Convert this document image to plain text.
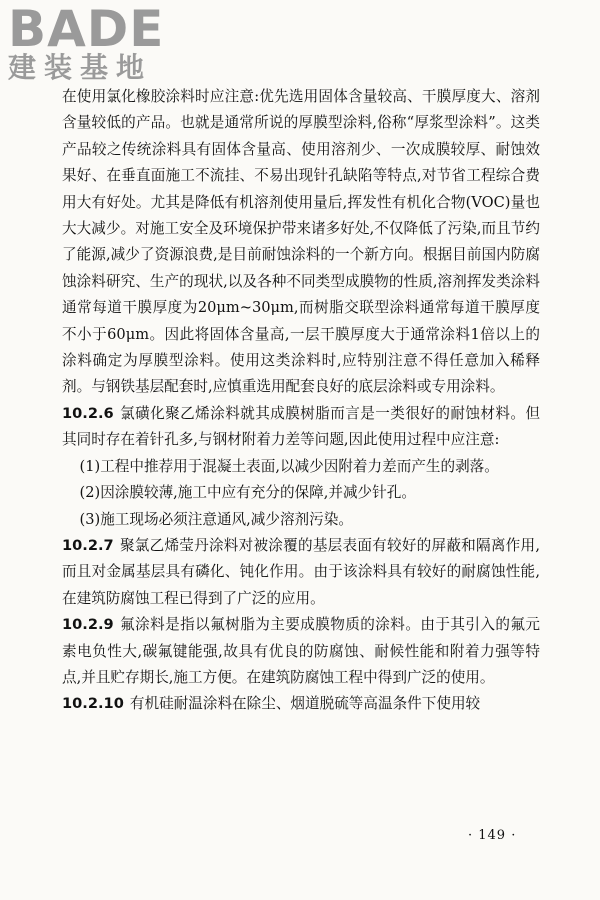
BADE
建装基地

在使用氯化橡胶涂料时应注意:优先选用固体含量较高、干膜厚度大、溶剂含量较低的产品。也就是通常所说的厚膜型涂料,俗称“厚浆型涂料”。这类产品较之传统涂料具有固体含量高、使用溶剂少、一次成膜较厚、耐蚀效果好、在垂直面施工不流挂、不易出现针孔缺陷等特点,对节省工程综合费用大有好处。尤其是降低有机溶剂使用量后,挥发性有机化合物(VOC)量也大大减少。对施工安全及环境保护带来诸多好处,不仅降低了污染,而且节约了能源,减少了资源浪费,是目前耐蚀涂料的一个新方向。根据目前国内防腐蚀涂料研究、生产的现状,以及各种不同类型成膜物的性质,溶剂挥发类涂料通常每道干膜厚度为20μm~30μm,而树脂交联型涂料通常每道干膜厚度不小于60μm。因此将固体含量高,一层干膜厚度大于通常涂料1倍以上的涂料确定为厚膜型涂料。使用这类涂料时,应特别注意不得任意加入稀释剂。与钢铁基层配套时,应慎重选用配套良好的底层涂料或专用涂料。

10.2.6 氯磺化聚乙烯涂料就其成膜树脂而言是一类很好的耐蚀材料。但其同时存在着针孔多,与钢材附着力差等问题,因此使用过程中应注意:

(1)工程中推荐用于混凝土表面,以减少因附着力差而产生的剥落。

(2)因涂膜较薄,施工中应有充分的保障,并减少针孔。

(3)施工现场必须注意通风,减少溶剂污染。

10.2.7 聚氯乙烯莹丹涂料对被涂覆的基层表面有较好的屏蔽和隔离作用,而且对金属基层具有磷化、钝化作用。由于该涂料具有较好的耐腐蚀性能,在建筑防腐蚀工程已得到了广泛的应用。

10.2.9 氟涂料是指以氟树脂为主要成膜物质的涂料。由于其引入的氟元素电负性大,碳氟键能强,故具有优良的防腐蚀、耐候性能和附着力强等特点,并且贮存期长,施工方便。在建筑防腐蚀工程中得到广泛的使用。

10.2.10 有机硅耐温涂料在除尘、烟道脱硫等高温条件下使用较

· 149 ·
